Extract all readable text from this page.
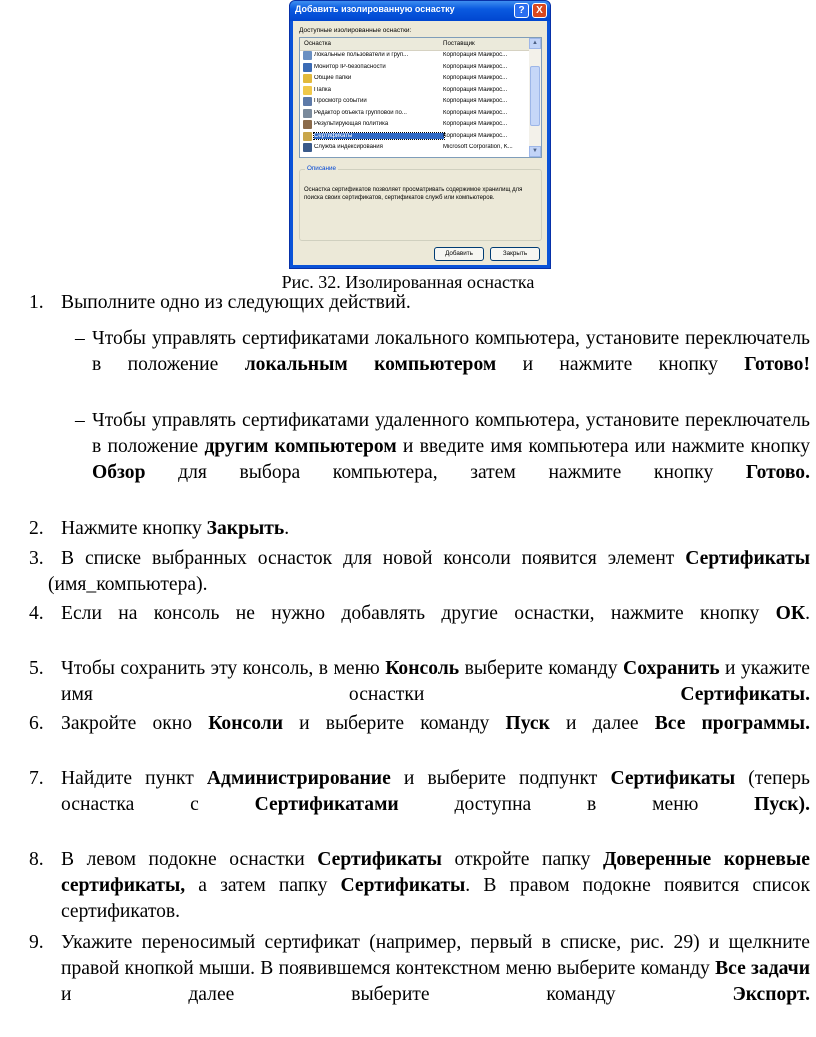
Добавить изолированную оснастку	?	X
Доступные изолированные оснастки:
Оснастка	Поставщик
Локальные пользователи и груп...	Корпорация Майкрос...
Монитор IP-безопасности	Корпорация Майкрос...
Общие папки	Корпорация Майкрос...
Папка	Корпорация Майкрос...
Просмотр событий	Корпорация Майкрос...
Редактор объекта групповой по...	Корпорация Майкрос...
Результирующая политика	Корпорация Майкрос...
Сертификаты	Корпорация Майкрос...
Служба индексирования	Microsoft Corporation, K...
▲
▼
Описание
Оснастка сертификатов позволяет просматривать содержимое хранилищ для поиска своих сертификатов, сертификатов служб или компьютеров.
Добавить	Закрыть
Рис. 32. Изолированная оснастка
1. Выполните одно из следующих действий.
– Чтобы управлять сертификатами локального компьютера, установите переключатель в положение локальным компьютером и нажмите кнопку Готово!
– Чтобы управлять сертификатами удаленного компьютера, установите переключатель в положение другим компьютером и введите имя компьютера или нажмите кнопку Обзор для выбора компьютера, затем нажмите кнопку Готово.
2. Нажмите кнопку Закрыть.
3. В списке выбранных оснасток для новой консоли появится элемент Сертификаты (имя_компьютера).
4. Если на консоль не нужно добавлять другие оснастки, нажмите кнопку ОК.
5. Чтобы сохранить эту консоль, в меню Консоль выберите команду Сохранить и укажите имя оснастки Сертификаты.
6. Закройте окно Консоли и выберите команду Пуск и далее Все программы.
7. Найдите пункт Администрирование и выберите подпункт Сертификаты (теперь оснастка с Сертификатами доступна в меню Пуск).
8. В левом подокне оснастки Сертификаты откройте папку Доверенные корневые сертификаты, а затем папку Сертификаты. В правом подокне появится список сертификатов.
9. Укажите переносимый сертификат (например, первый в списке, рис. 29) и щелкните правой кнопкой мыши. В появившемся контекстном меню выберите команду Все задачи и далее выберите команду Экспорт.
